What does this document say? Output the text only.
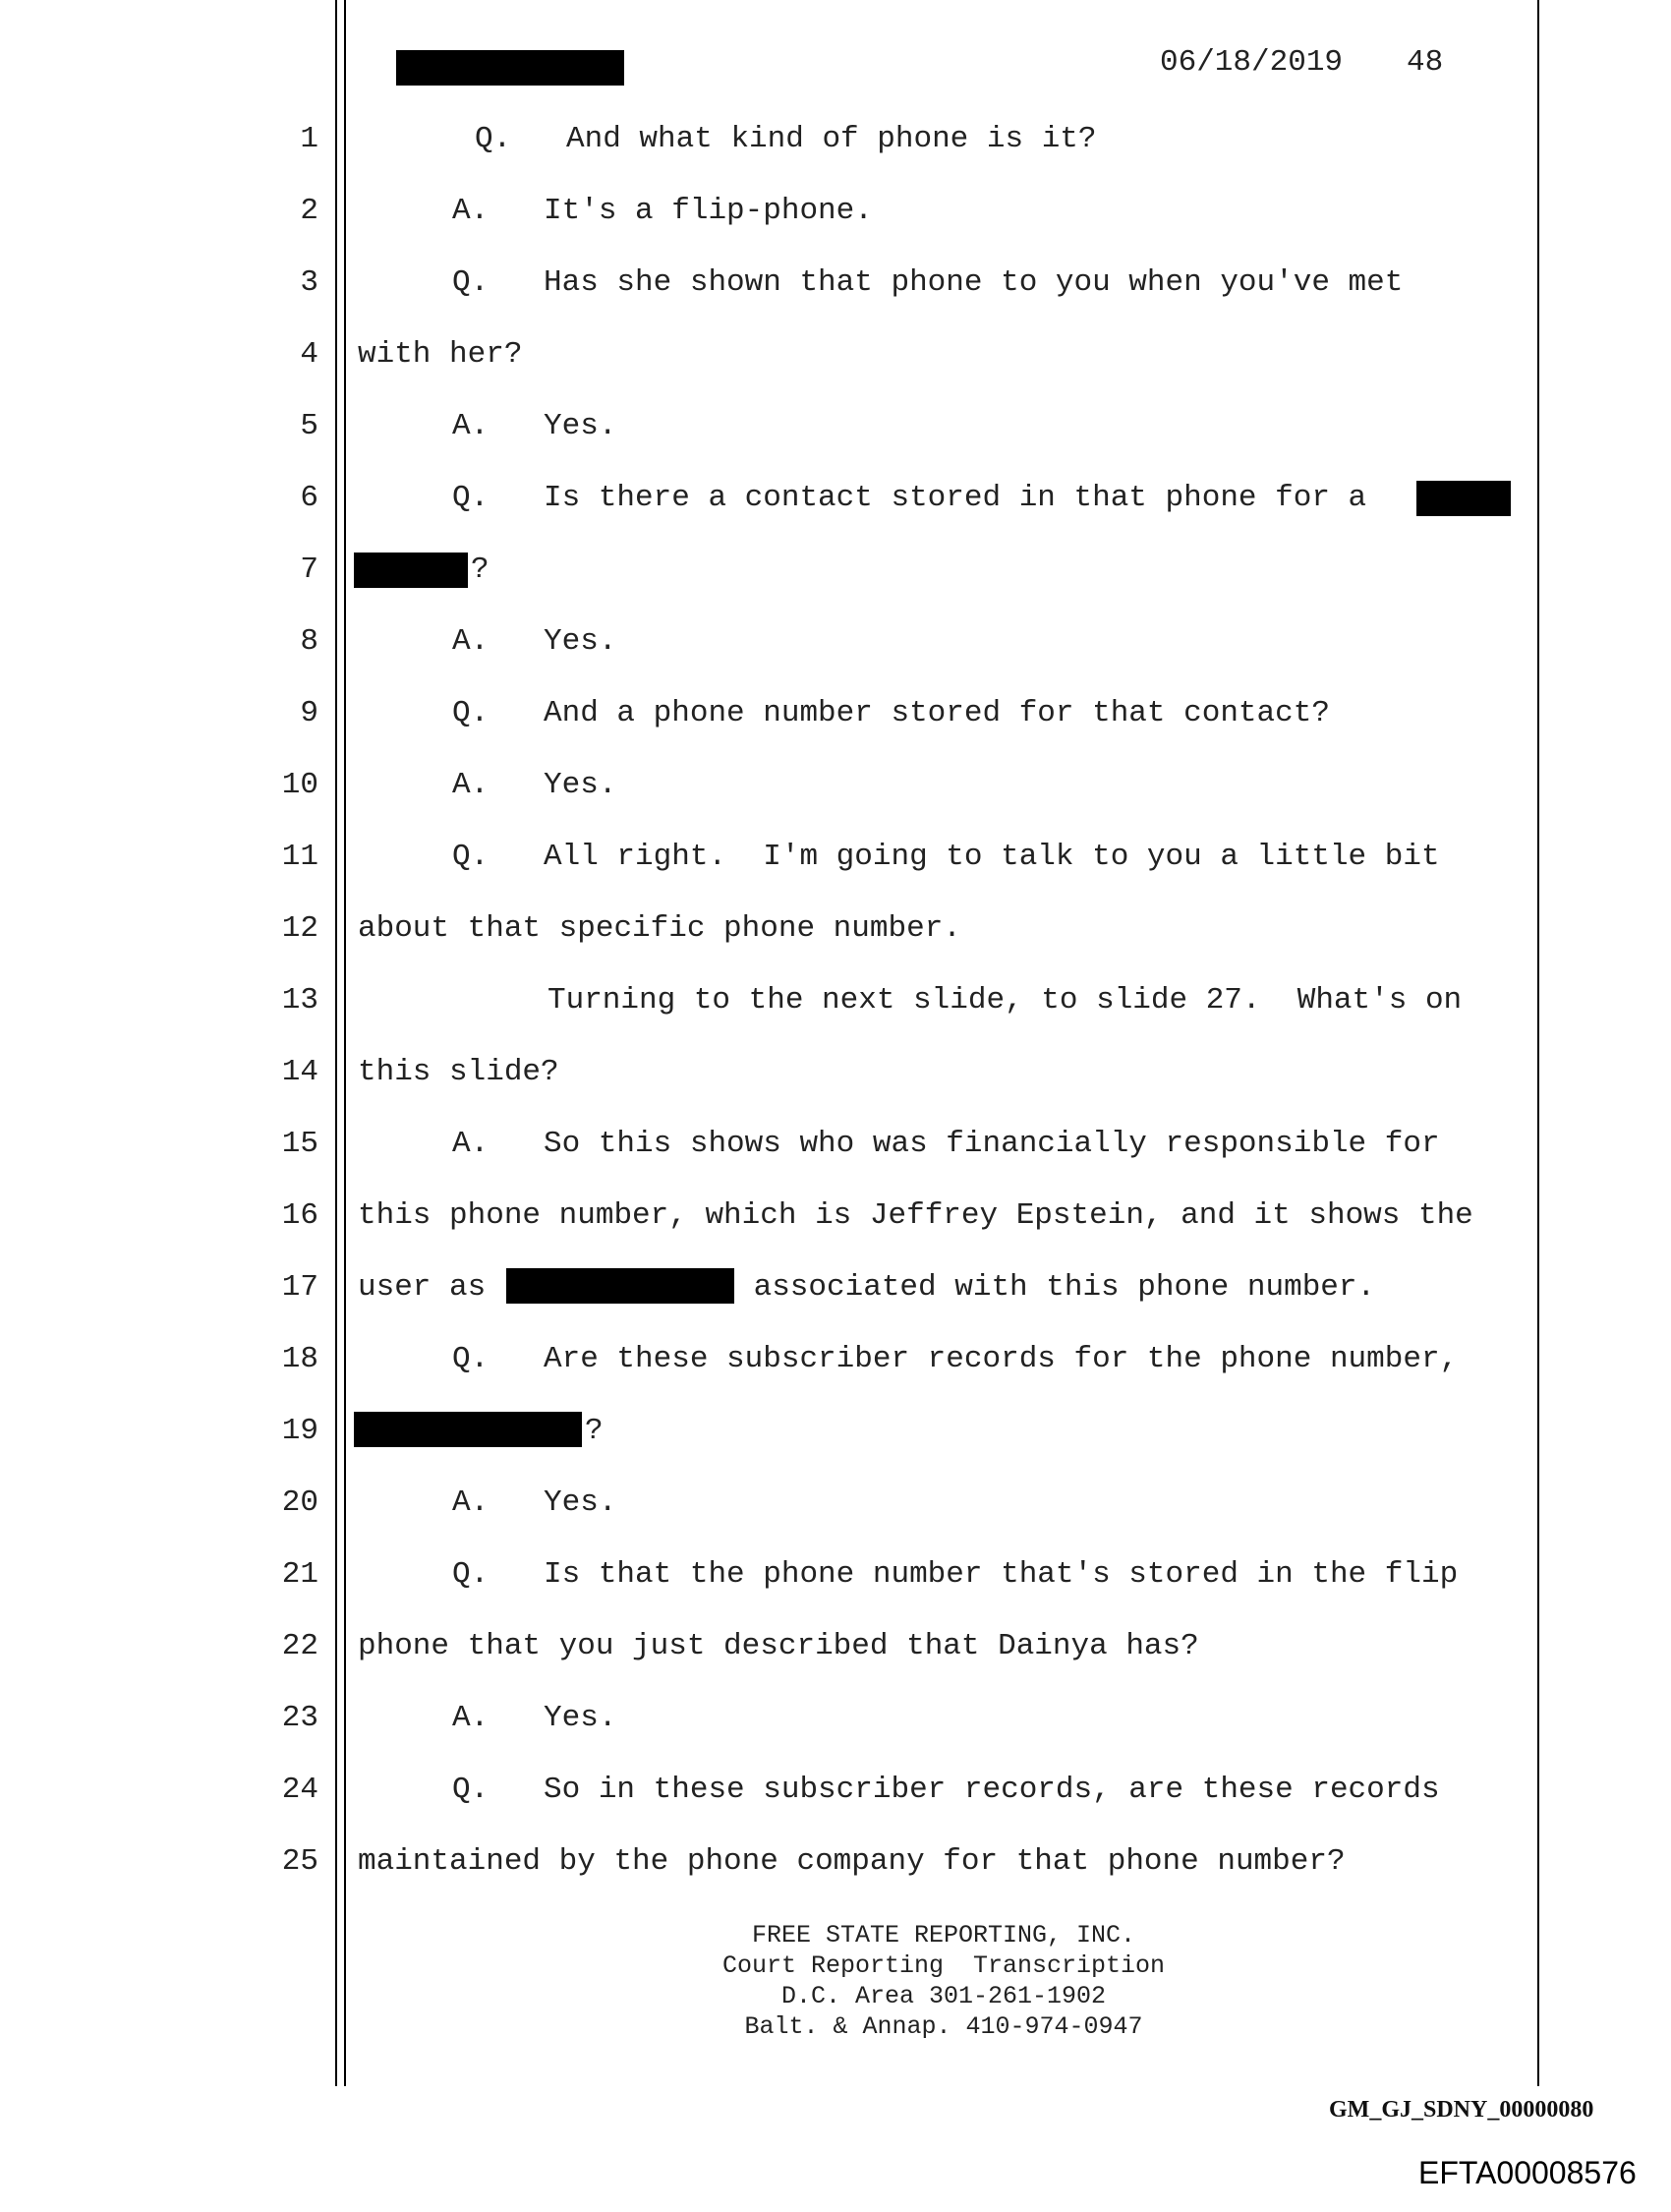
06/18/2019 48
1
2
3
4
5
6
7
8
9
10
11
12
13
14
15
16
17
18
19
20
21
22
23
24
25
Q.   And what kind of phone is it?
A.   It's a flip-phone.
Q.   Has she shown that phone to you when you've met
with her?
A.   Yes.
Q.   Is there a contact stored in that phone for a
?
A.   Yes.
Q.   And a phone number stored for that contact?
A.   Yes.
Q.   All right.  I'm going to talk to you a little bit
about that specific phone number.
Turning to the next slide, to slide 27.  What's on
this slide?
A.   So this shows who was financially responsible for
this phone number, which is Jeffrey Epstein, and it shows the
user as	associated with this phone number.
Q.   Are these subscriber records for the phone number,
?
A.   Yes.
Q.   Is that the phone number that's stored in the flip
phone that you just described that Dainya has?
A.   Yes.
Q.   So in these subscriber records, are these records
maintained by the phone company for that phone number?
FREE STATE REPORTING, INC.
Court Reporting  Transcription
D.C. Area 301-261-1902
Balt. & Annap. 410-974-0947
GM_GJ_SDNY_00000080
EFTA00008576
